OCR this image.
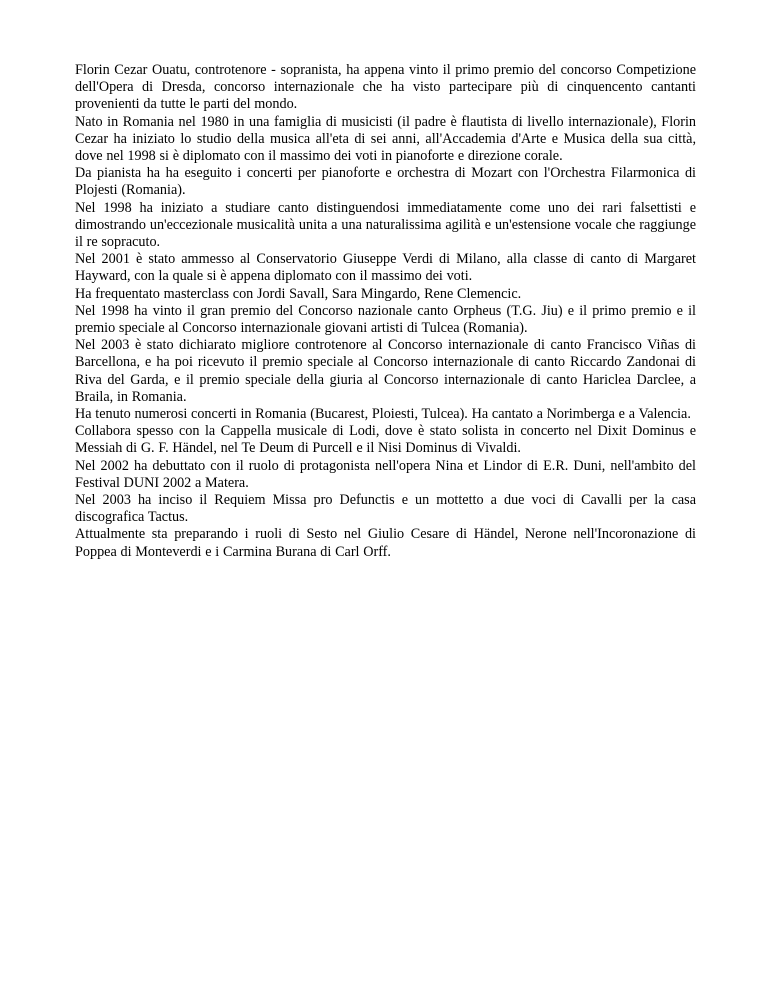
Florin Cezar Ouatu, controtenore - sopranista, ha appena vinto il primo premio del concorso Competizione dell'Opera di Dresda, concorso internazionale che ha visto partecipare più di cinquencento cantanti provenienti da tutte le parti del mondo.

Nato in Romania nel 1980 in una famiglia di musicisti (il padre è flautista di livello internazionale), Florin Cezar ha iniziato lo studio della musica all'eta di sei anni, all'Accademia d'Arte e Musica della sua città, dove nel 1998 si è diplomato con il massimo dei voti in pianoforte e direzione corale.

Da pianista ha ha eseguito i concerti per pianoforte e orchestra di Mozart con l'Orchestra Filarmonica di Plojesti (Romania).

Nel 1998 ha iniziato a studiare canto distinguendosi immediatamente come uno dei rari falsettisti e dimostrando un'eccezionale musicalità unita a una naturalissima agilità e un'estensione vocale che raggiunge il re sopracuto.

Nel 2001 è stato ammesso al Conservatorio Giuseppe Verdi di Milano, alla classe di canto di Margaret Hayward, con la quale si è appena diplomato con il massimo dei voti.

Ha frequentato masterclass con Jordi Savall, Sara Mingardo, Rene Clemencic.

Nel 1998 ha vinto il gran premio del Concorso nazionale canto Orpheus (T.G. Jiu) e il primo premio e il premio speciale al Concorso internazionale giovani artisti di Tulcea (Romania).

Nel 2003 è stato dichiarato migliore controtenore al Concorso internazionale di canto Francisco Viñas di Barcellona, e ha poi ricevuto il premio speciale al Concorso internazionale di canto Riccardo Zandonai di Riva del Garda, e il premio speciale della giuria al Concorso internazionale di canto Hariclea Darclee, a Braila, in Romania.

Ha tenuto numerosi concerti in Romania (Bucarest, Ploiesti, Tulcea). Ha cantato a Norimberga e a Valencia.

Collabora spesso con la Cappella musicale di Lodi, dove è stato solista in concerto nel Dixit Dominus e Messiah di G. F. Händel, nel Te Deum di Purcell e il Nisi Dominus di Vivaldi.

Nel 2002 ha debuttato con il ruolo di protagonista nell'opera Nina et Lindor di E.R. Duni, nell'ambito del Festival DUNI 2002 a Matera.

Nel 2003 ha inciso il Requiem Missa pro Defunctis e un mottetto a due voci di Cavalli per la casa discografica Tactus.

Attualmente sta preparando i ruoli di Sesto nel Giulio Cesare di Händel, Nerone nell'Incoronazione di Poppea di Monteverdi e i Carmina Burana di Carl Orff.
